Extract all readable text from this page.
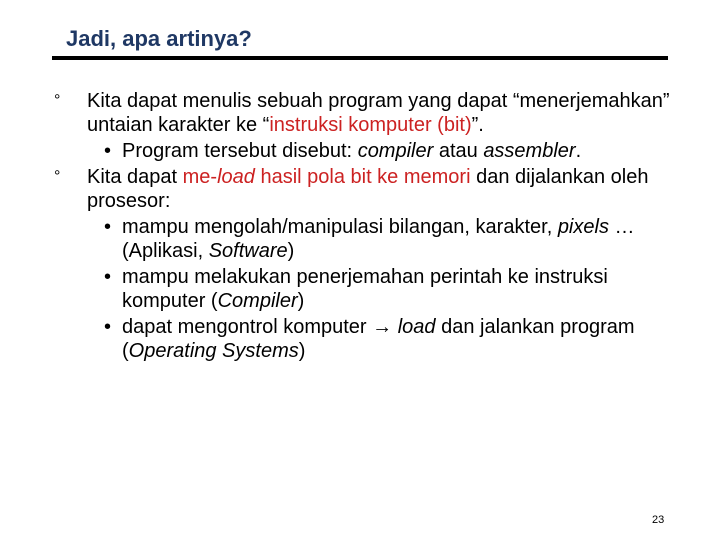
Jadi, apa artinya?
° Kita dapat menulis sebuah program yang dapat “menerjemahkan” untaian karakter ke “instruksi komputer (bit)”.
• Program tersebut disebut: compiler atau assembler.
° Kita dapat me-load hasil pola bit ke memori dan dijalankan oleh prosesor:
• mampu mengolah/manipulasi bilangan, karakter, pixels … (Aplikasi, Software)
• mampu melakukan penerjemahan perintah ke instruksi komputer (Compiler)
• dapat mengontrol komputer → load dan jalankan program (Operating Systems)
23
